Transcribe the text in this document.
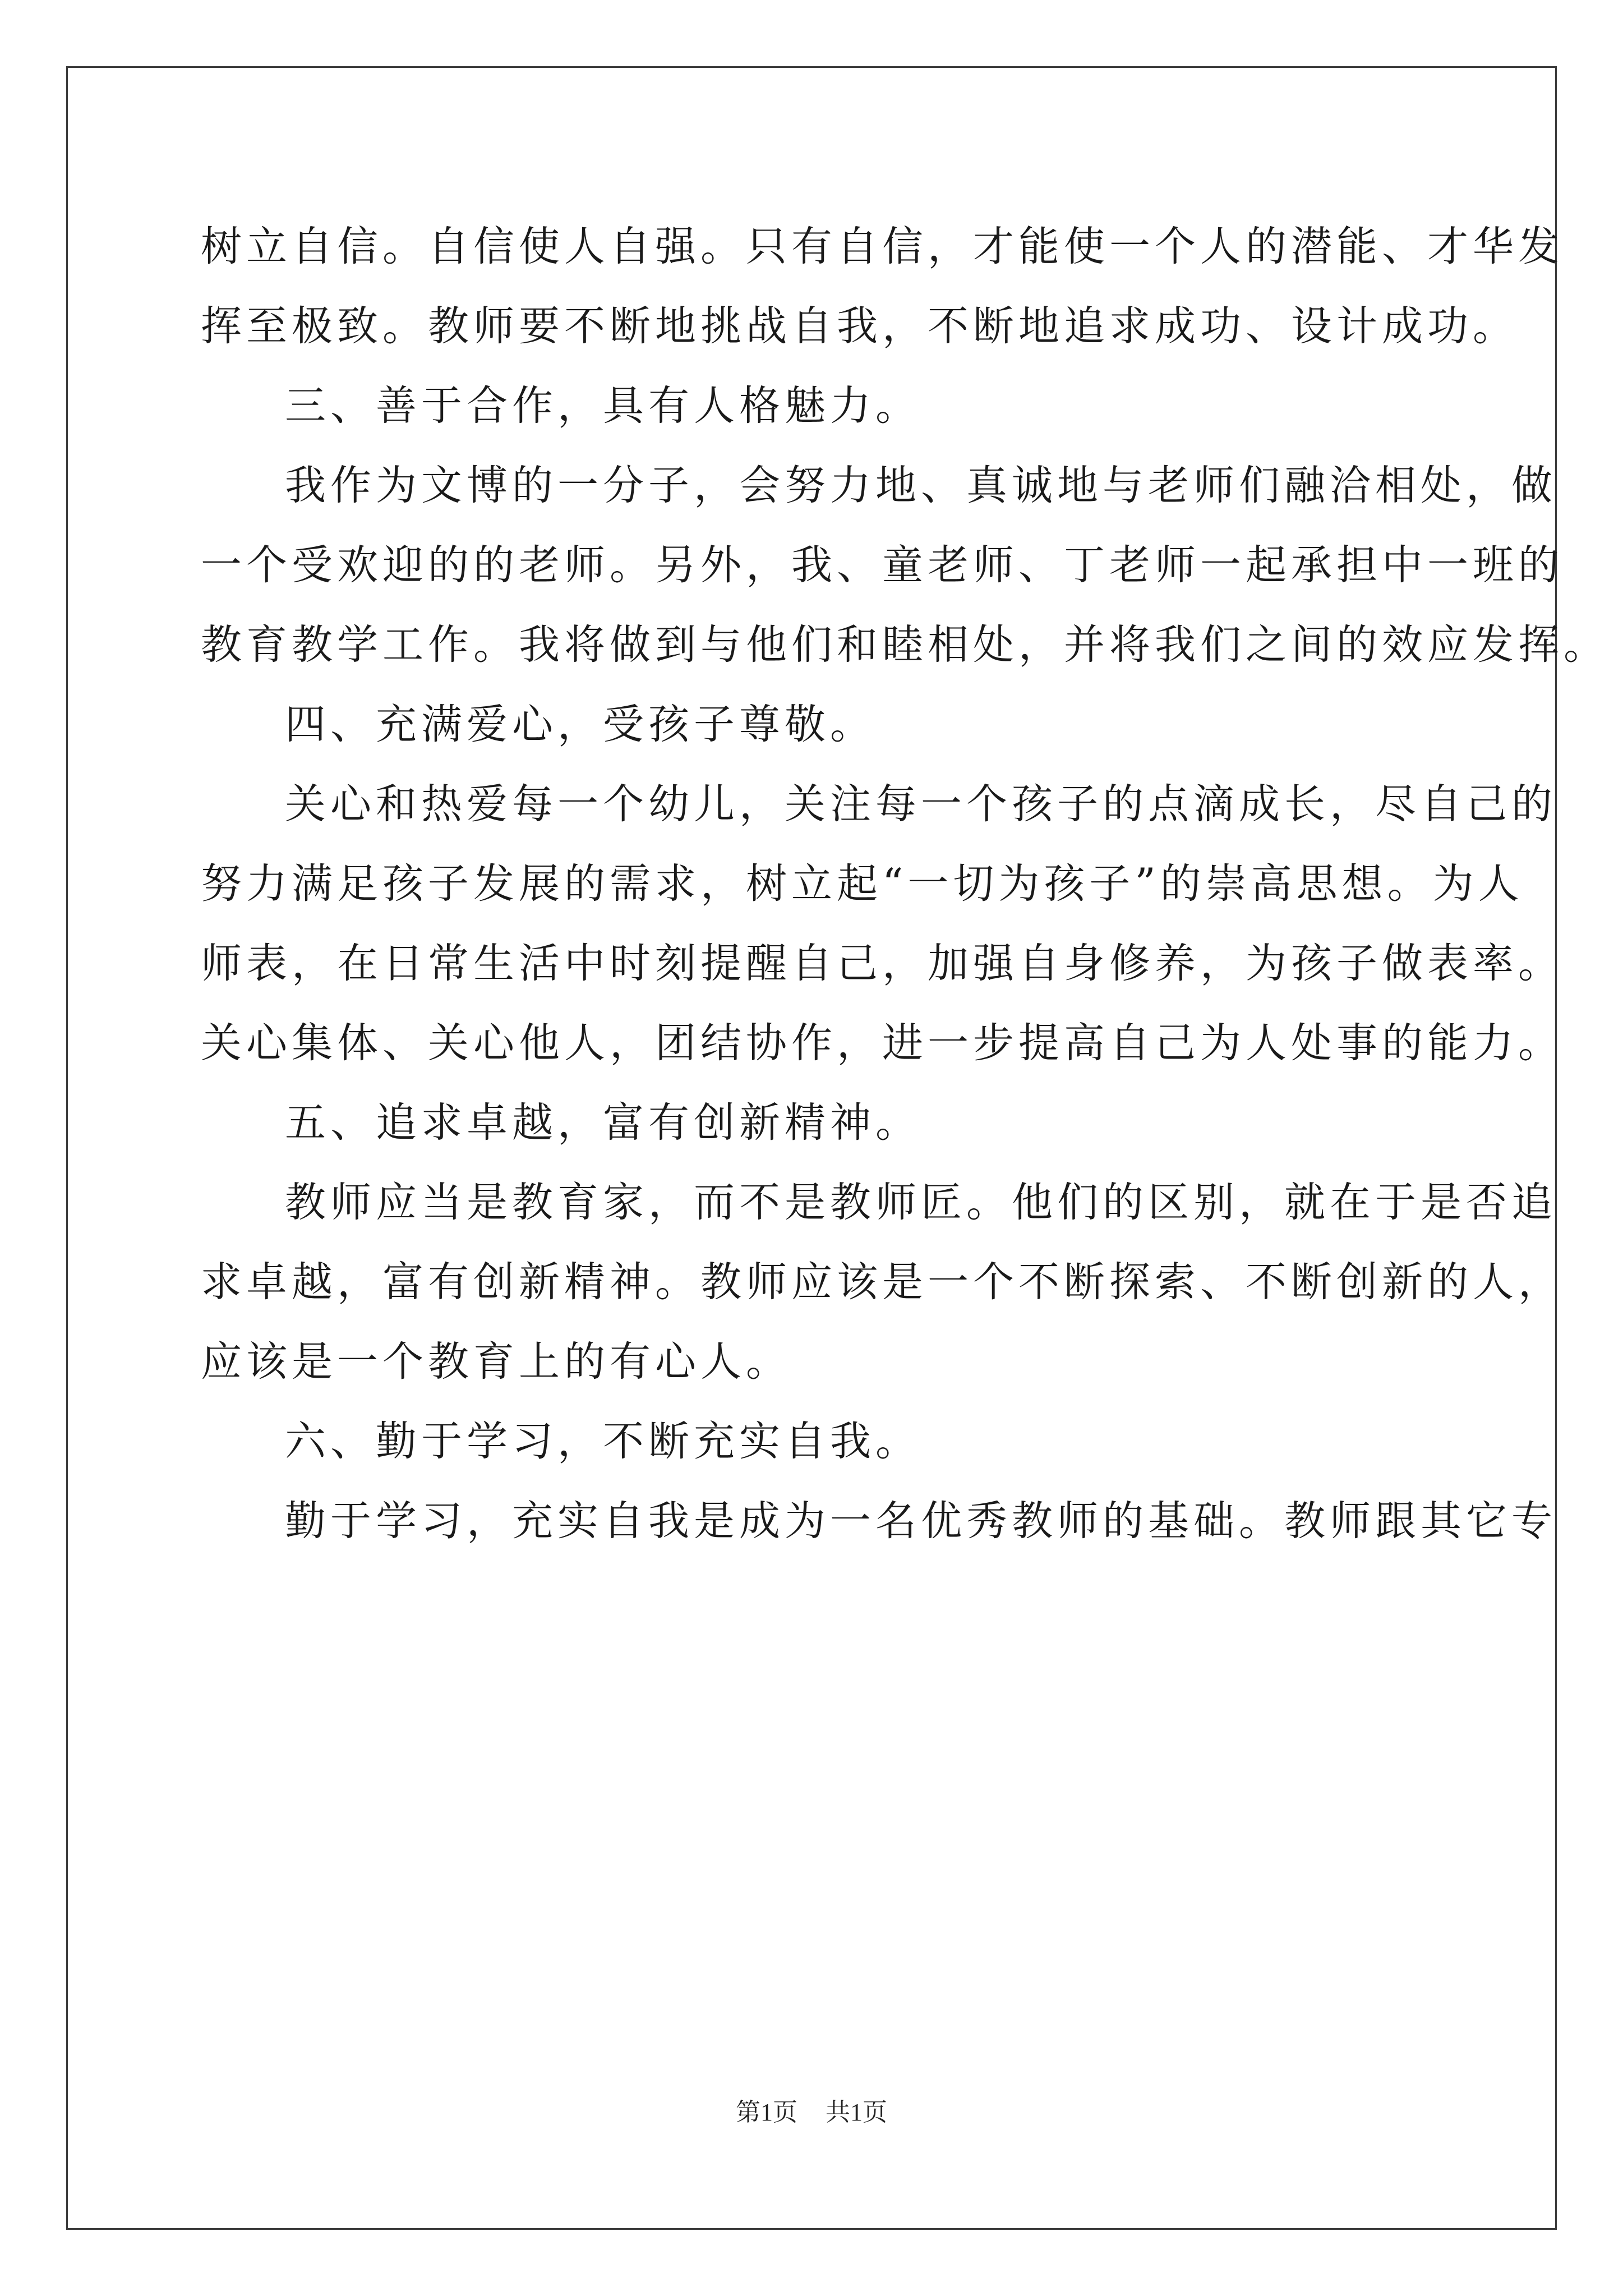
树立自信。自信使人自强。只有自信，才能使一个人的潜能、才华发
挥至极致。教师要不断地挑战自我，不断地追求成功、设计成功。
三、善于合作，具有人格魅力。
我作为文博的一分子，会努力地、真诚地与老师们融洽相处，做
一个受欢迎的的老师。另外，我、童老师、丁老师一起承担中一班的
教育教学工作。我将做到与他们和睦相处，并将我们之间的效应发挥。
四、充满爱心，受孩子尊敬。
关心和热爱每一个幼儿，关注每一个孩子的点滴成长，尽自己的
努力满足孩子发展的需求，树立起“一切为孩子”的崇高思想。为人
师表，在日常生活中时刻提醒自己，加强自身修养，为孩子做表率。
关心集体、关心他人，团结协作，进一步提高自己为人处事的能力。
五、追求卓越，富有创新精神。
教师应当是教育家，而不是教师匠。他们的区别，就在于是否追
求卓越，富有创新精神。教师应该是一个不断探索、不断创新的人，
应该是一个教育上的有心人。
六、勤于学习，不断充实自我。
勤于学习，充实自我是成为一名优秀教师的基础。教师跟其它专
第1页 共1页
